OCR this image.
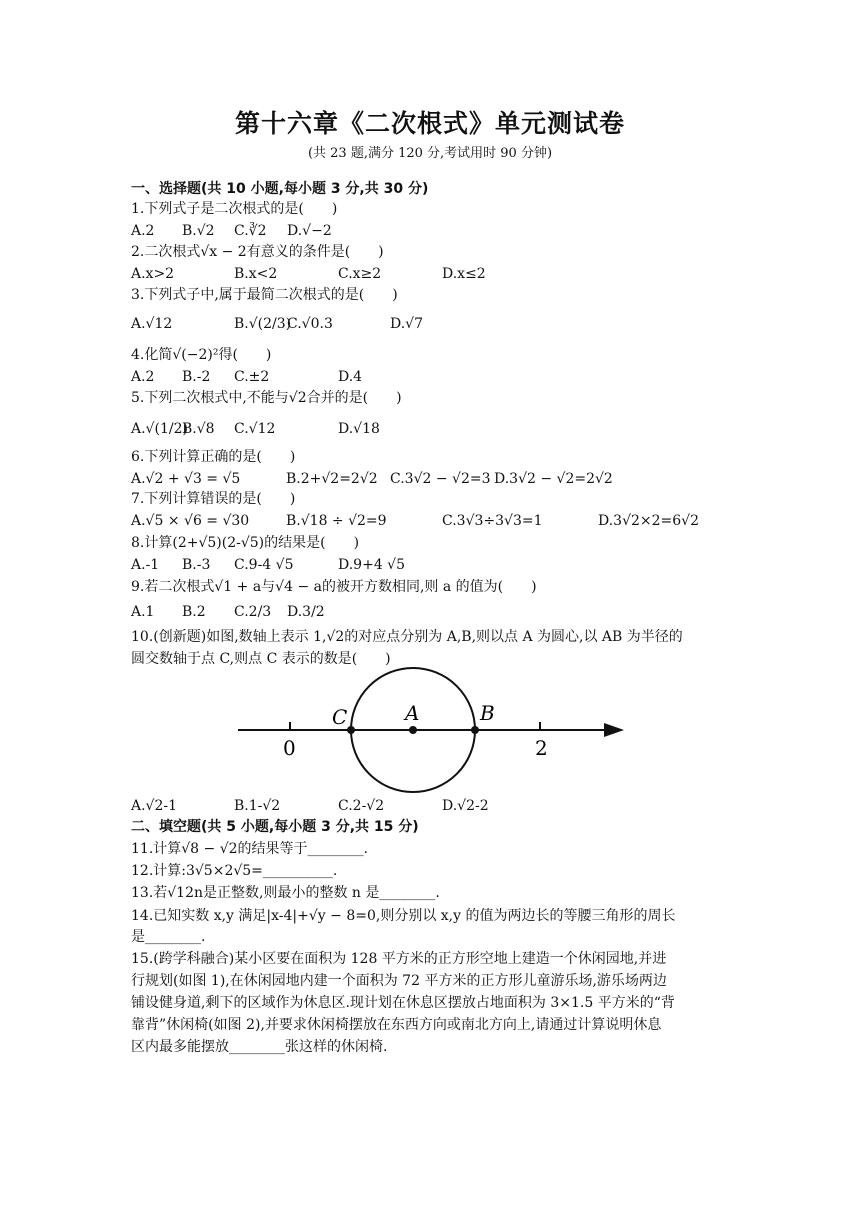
第十六章《二次根式》单元测试卷
(共 23 题,满分 120 分,考试用时 90 分钟)
一、选择题(共 10 小题,每小题 3 分,共 30 分)
1.下列式子是二次根式的是(　　)
A.2 B.√2 C.∛2 D.√−2
2.二次根式√x − 2有意义的条件是(　　)
A.x>2	B.x<2	C.x≥2	D.x≤2
3.下列式子中,属于最简二次根式的是(　　)
A.√12	B.√(2/3)
C.√0.3	D.√7
4.化简√(−2)²得(　　)
A.2 B.-2 C.±2	D.4
5.下列二次根式中,不能与√2合并的是(　　)
A.√(1/2)
B.√8 C.√12	D.√18
6.下列计算正确的是(　　)
A.√2 + √3 = √5	B.2+√2=2√2 C.3√2 − √2=3 D.3√2 − √2=2√2
7.下列计算错误的是(　　)
A.√5 × √6 = √30	B.√18 ÷ √2=9	C.3√3÷3√3=1	D.3√2×2=6√2
8.计算(2+√5)(2-√5)的结果是(　　)
A.-1 B.-3 C.9-4 √5	D.9+4 √5
9.若二次根式√1 + a与√4 − a的被开方数相同,则 a 的值为(　　)
A.1 B.2 C.2/3 D.3/2
10.(创新题)如图,数轴上表示 1,√2的对应点分别为 A,B,则以点 A 为圆心,以 AB 为半径的
圆交数轴于点 C,则点 C 表示的数是(　　)
C	A	B
0	2
A.√2-1	B.1-√2	C.2-√2	D.√2-2
二、填空题(共 5 小题,每小题 3 分,共 15 分)
11.计算√8 − √2的结果等于________.
12.计算:3√5×2√5=__________.
13.若√12n是正整数,则最小的整数 n 是________.
14.已知实数 x,y 满足|x-4|+√y − 8=0,则分别以 x,y 的值为两边长的等腰三角形的周长
是________.
15.(跨学科融合)某小区要在面积为 128 平方米的正方形空地上建造一个休闲园地,并进
行规划(如图 1),在休闲园地内建一个面积为 72 平方米的正方形儿童游乐场,游乐场两边
铺设健身道,剩下的区域作为休息区.现计划在休息区摆放占地面积为 3×1.5 平方米的“背
靠背”休闲椅(如图 2),并要求休闲椅摆放在东西方向或南北方向上,请通过计算说明休息
区内最多能摆放________张这样的休闲椅.
